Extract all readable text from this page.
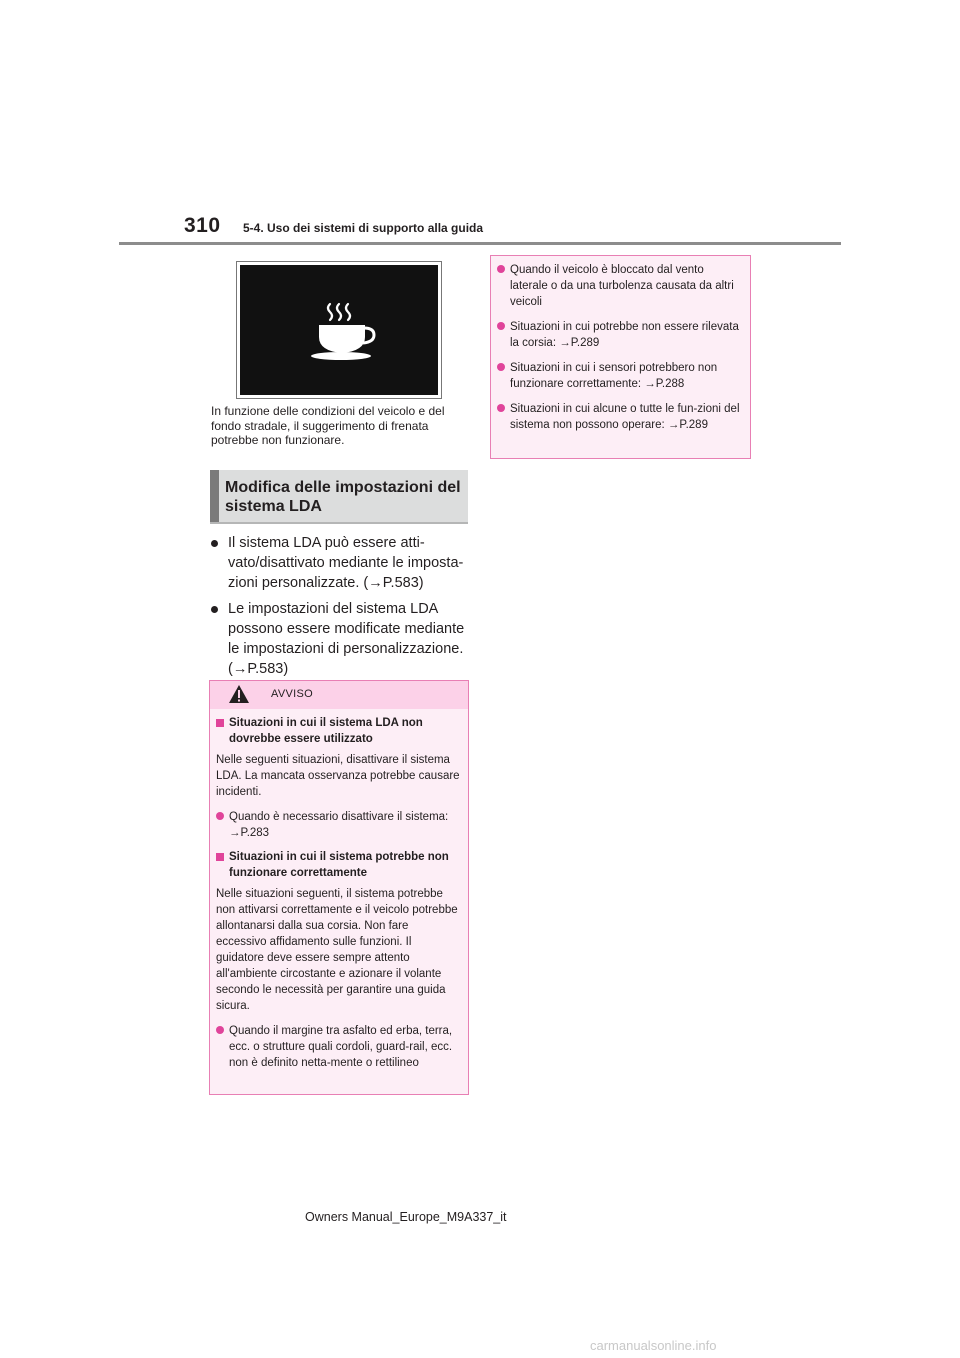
310 5-4. Uso dei sistemi di supporto alla guida
In funzione delle condizioni del veicolo e del fondo stradale, il suggerimento di frenata potrebbe non funzionare.
Modifica delle impostazioni del sistema LDA
Il sistema LDA può essere atti-vato/disattivato mediante le imposta-zioni personalizzate. (→P.583)
Le impostazioni del sistema LDA possono essere modificate mediante le impostazioni di personalizzazione. (→P.583)
AVVISO
Situazioni in cui il sistema LDA non dovrebbe essere utilizzato
Nelle seguenti situazioni, disattivare il sistema LDA. La mancata osservanza potrebbe causare incidenti.
Quando è necessario disattivare il sistema: →P.283
Situazioni in cui il sistema potrebbe non funzionare correttamente
Nelle situazioni seguenti, il sistema potrebbe non attivarsi correttamente e il veicolo potrebbe allontanarsi dalla sua corsia. Non fare eccessivo affidamento sulle funzioni. Il guidatore deve essere sempre attento all'ambiente circostante e azionare il volante secondo le necessità per garantire una guida sicura.
Quando il margine tra asfalto ed erba, terra, ecc. o strutture quali cordoli, guard-rail, ecc. non è definito netta-mente o rettilineo
Quando il veicolo è bloccato dal vento laterale o da una turbolenza causata da altri veicoli
Situazioni in cui potrebbe non essere rilevata la corsia: →P.289
Situazioni in cui i sensori potrebbero non funzionare correttamente: →P.288
Situazioni in cui alcune o tutte le fun-zioni del sistema non possono operare: →P.289
Owners Manual_Europe_M9A337_it
carmanualsonline.info
